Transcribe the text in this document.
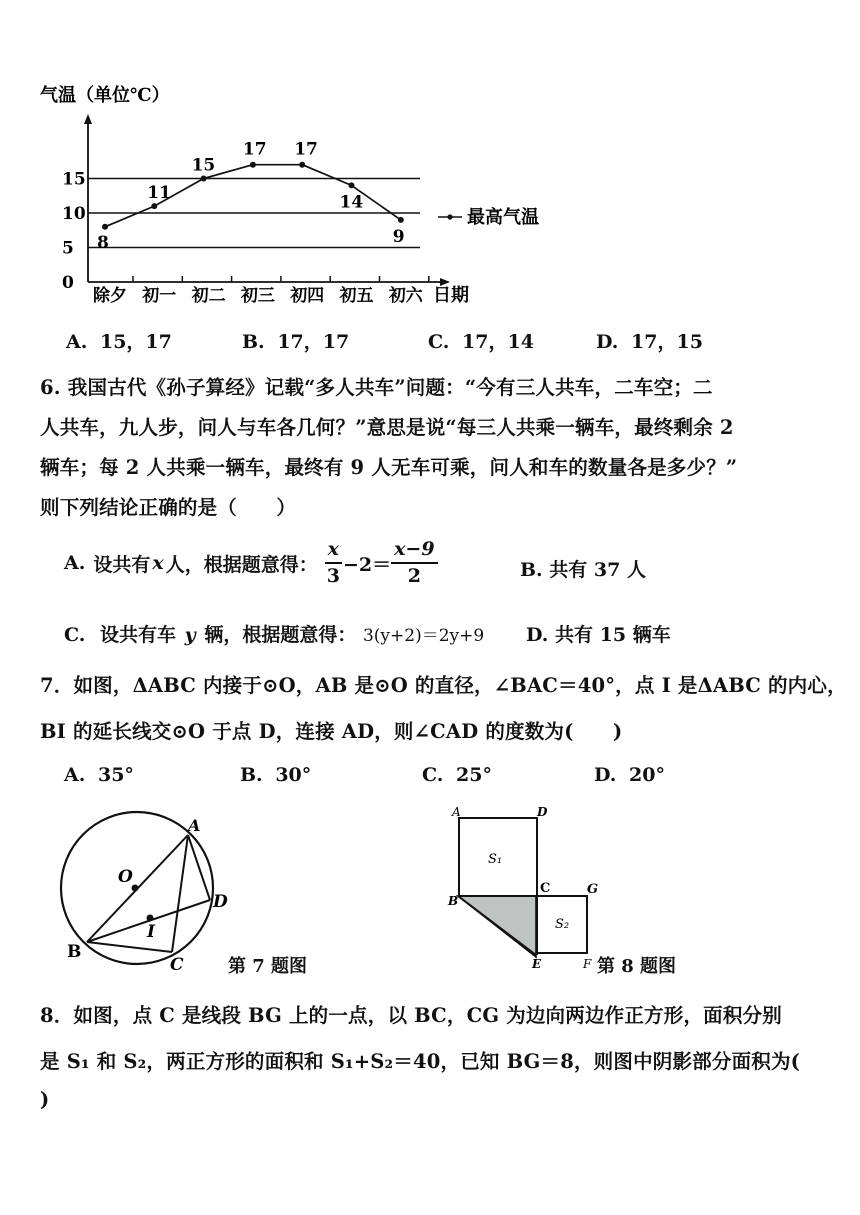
气温（单位℃）
0
5
10
15
除夕 初一 初二 初三 初四 初五 初六
8
11
15
17 17
14
9
日期
最高气温
A. 15，17	B. 17，17	C. 17，14	D. 17，15
6. 我国古代《孙子算经》记载“多人共车”问题：“今有三人共车，二车空；二
人共车，九人步，问人与车各几何？”意思是说“每三人共乘一辆车，最终剩余 2
辆车；每 2 人共乘一辆车，最终有 9 人无车可乘，问人和车的数量各是多少？”
则下列结论正确的是（　　）
A. 设共有 x 人，根据题意得： $\frac{x}{3} -2= \frac{x-9}{2}$	B. 共有 37 人
C. 设共有车 y 辆，根据题意得： 3(y+2)＝2y+9 D. 共有 15 辆车
7．如图，ΔABC 内接于⊙O，AB 是⊙O 的直径，∠BAC＝40°，点 I 是ΔABC 的内心，
BI 的延长线交⊙O 于点 D，连接 AD，则∠CAD 的度数为(　　)
A. 35°	B. 30°	C. 25°	D. 20°
A
O
D
I
B
C 第 7 题图
A	D
S₁
C	G
B
S₂
E	F 第 8 题图
8．如图，点 C 是线段 BG 上的一点，以 BC，CG 为边向两边作正方形，面积分别
是 S₁ 和 S₂，两正方形的面积和 S₁+S₂＝40，已知 BG＝8，则图中阴影部分面积为(
)
